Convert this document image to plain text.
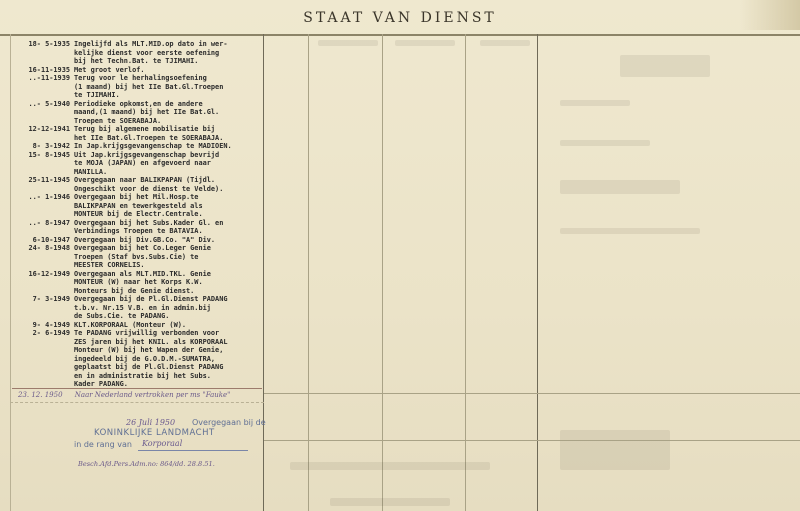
STAAT VAN DIENST
18- 5-1935 Ingelijfd als MLT.MID.op dato in wer-
kelijke dienst voor eerste oefening
bij het Techn.Bat. te TJIMAHI.
16-11-1935 Met groot verlof.
..-11-1939 Terug voor le herhalingsoefening
(1 maand) bij het IIe Bat.Gl.Troepen
te TJIMAHI.
..- 5-1940 Periodieke opkomst,en de andere
maand,(1 maand) bij het IIe Bat.Gl.
Troepen te SOERABAJA.
12-12-1941 Terug bij algemene mobilisatie bij
het IIe Bat.Gl.Troepen te SOERABAJA.
8- 3-1942 In Jap.krijgsgevangenschap te MADIOEN.
15- 8-1945 Uit Jap.krijgsgevangenschap bevrijd
te MOJA (JAPAN) en afgevoerd naar
MANILLA.
25-11-1945 Overgegaan naar BALIKPAPAN (Tijdl.
Ongeschikt voor de dienst te Velde).
..- 1-1946 Overgegaan bij het Mil.Hosp.te
BALIKPAPAN en tewerkgesteld als
MONTEUR bij de Electr.Centrale.
..- 8-1947 Overgegaan bij het Subs.Kader Gl. en
Verbindings Troepen te BATAVIA.
6-10-1947 Overgegaan bij Div.GB.Co. "A" Div.
24- 8-1948 Overgegaan bij het Co.Leger Genie
Troepen (Staf bvs.Subs.Cie) te
MEESTER CORNELIS.
16-12-1949 Overgegaan als MLT.MID.TKL. Genie
MONTEUR (W) naar het Korps K.W.
Monteurs bij de Genie dienst.
7- 3-1949 Overgegaan bij de Pl.Gl.Dienst PADANG
t.b.v. Nr.15 V.B. en in admin.bij
de Subs.Cie. te PADANG.
9- 4-1949 KLT.KORPORAAL (Monteur (W).
2- 6-1949 Te PADANG vrijwillig verbonden voor
ZES jaren bij het KNIL. als KORPORAAL
Monteur (W) bij het Wapen der Genie,
ingedeeld bij de G.O.D.M.-SUMATRA,
geplaatst bij de Pl.Gl.Dienst PADANG
en in administratie bij het Subs.
Kader PADANG.
23. 12. 1950 Naar Nederland vertrokken per ms "Fauke"
26 Juli 1950 Overgegaan bij de
KONINKLIJKE LANDMACHT
in de rang van Korporaal
Besch.Afd.Pers.Adm.no: 864/dd. 28.8.51.
